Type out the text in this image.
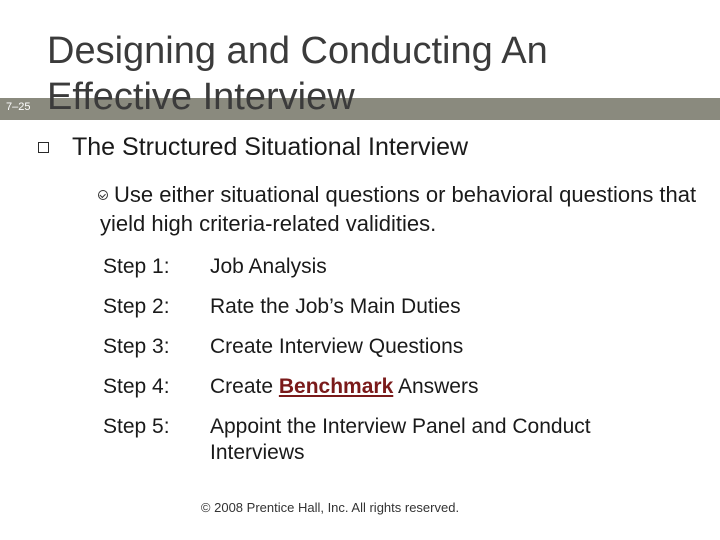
7–25
Designing and Conducting An Effective Interview
The Structured Situational Interview
Use either situational questions or behavioral questions that yield high criteria-related validities.
Step 1:	Job Analysis
Step 2:	Rate the Job’s Main Duties
Step 3:	Create Interview Questions
Step 4:	Create Benchmark Answers
Step 5:	Appoint the Interview Panel and Conduct Interviews
© 2008 Prentice Hall, Inc. All rights reserved.
